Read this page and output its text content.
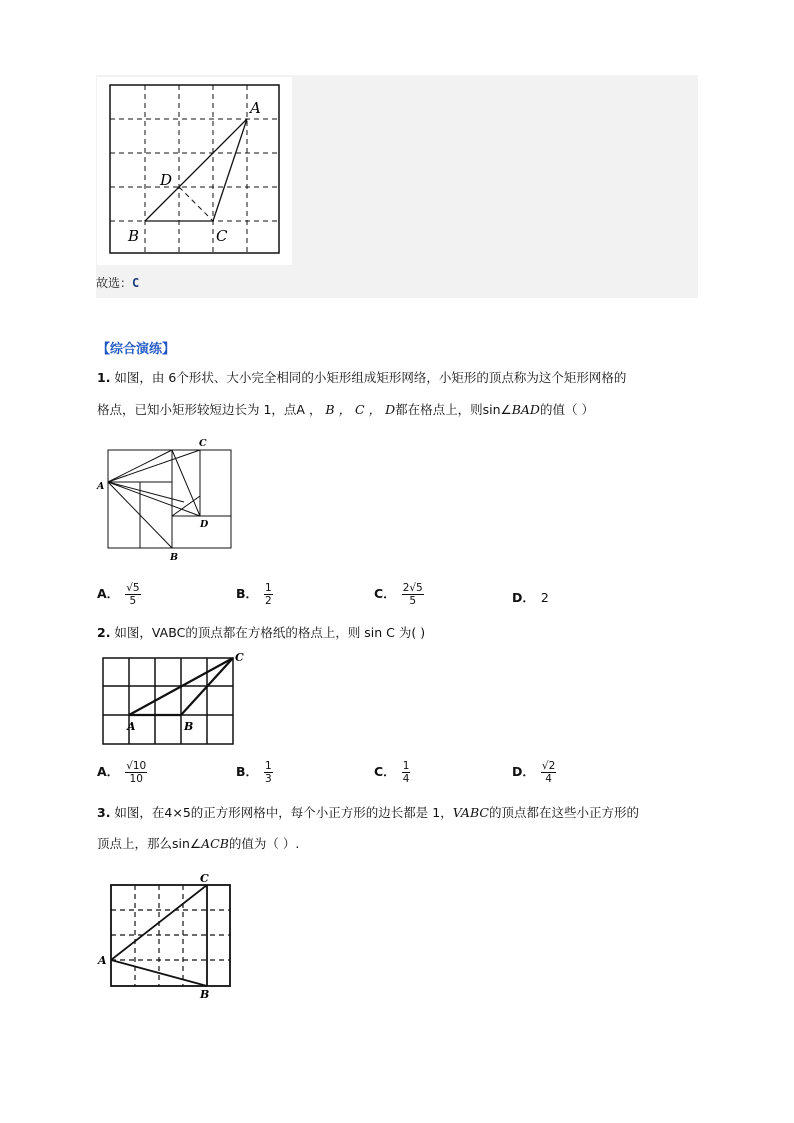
A
D
B	C
故选：C
【综合演练】
1. 如图，由 6个形状、大小完全相同的小矩形组成矩形网络，小矩形的顶点称为这个矩形网格的
格点，已知小矩形较短边长为 1，点A ， B ， C ， D都在格点上，则sin∠BAD的值（ ）
C
A
D
B
A． $\frac{√5}{5}$	B． $\frac{1}{2}$	C． $\frac{2√5}{5}$	D． 2
2. 如图，VABC的顶点都在方格纸的格点上，则 sin C 为( )
C
A	B
A． $\frac{√10}{10}$	B． $\frac{1}{3}$	C． $\frac{1}{4}$	D． $\frac{√2}{4}$
3. 如图，在4×5的正方形网格中，每个小正方形的边长都是 1，VABC的顶点都在这些小正方形的
顶点上，那么sin∠ACB的值为（ ）.
C
A
B
